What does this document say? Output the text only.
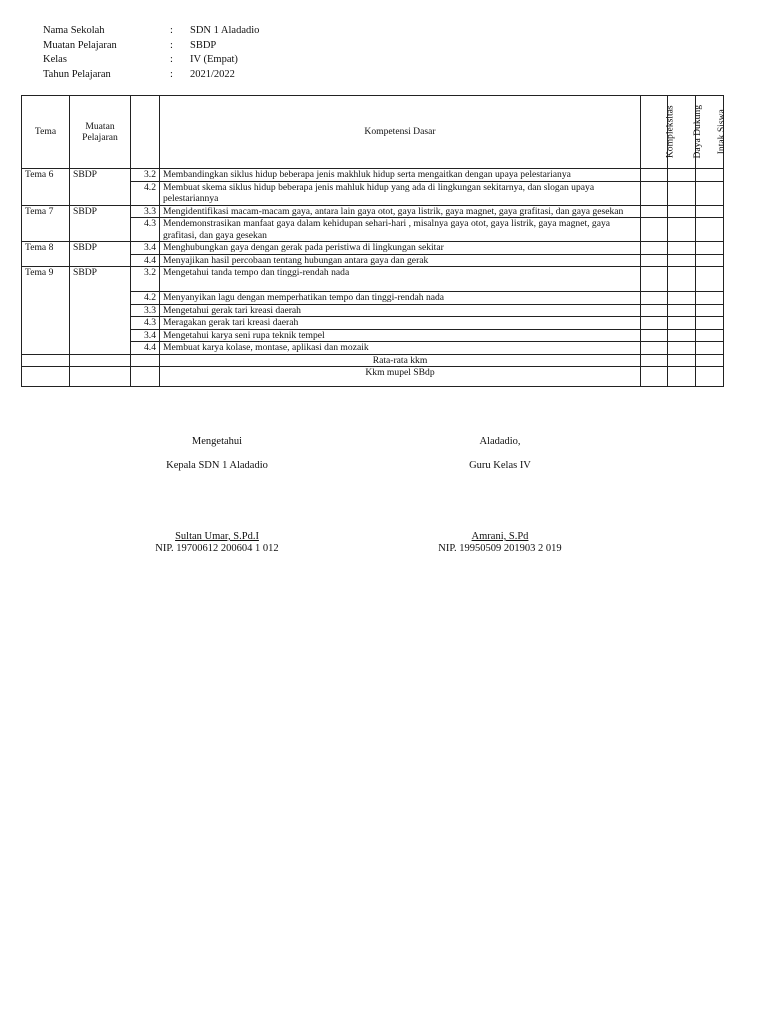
Nama Sekolah	: SDN 1 Aladadio
Muatan Pelajaran	: SBDP
Kelas	: IV (Empat)
Tahun Pelajaran	: 2021/2022
Tema	Muatan Pelajaran		Kompetensi Dasar	Kompleksitas	Daya Dukung	Intak Siswa
Tema 6	SBDP	3.2	Membandingkan siklus hidup beberapa jenis makhluk hidup serta mengaitkan dengan upaya pelestarianya			
		4.2	Membuat skema siklus hidup beberapa jenis mahluk hidup yang ada di lingkungan sekitarnya, dan slogan upaya pelestariannya			
Tema 7	SBDP	3.3	Mengidentifikasi macam-macam gaya, antara lain gaya otot, gaya listrik, gaya magnet, gaya grafitasi, dan gaya gesekan			
		4.3	Mendemonstrasikan manfaat gaya dalam kehidupan sehari-hari , misalnya gaya otot, gaya listrik, gaya magnet, gaya grafitasi, dan gaya gesekan			
Tema 8	SBDP	3.4	Menghubungkan gaya dengan gerak pada peristiwa di lingkungan sekitar			
		4.4	Menyajikan hasil percobaan tentang hubungan antara gaya dan gerak			
Tema 9	SBDP	3.2	Mengetahui tanda tempo dan tinggi-rendah nada			
		4.2	Menyanyikan lagu dengan memperhatikan tempo dan tinggi-rendah nada			
		3.3	Mengetahui gerak tari kreasi daerah			
		4.3	Meragakan gerak tari kreasi daerah			
		3.4	Mengetahui karya seni rupa teknik tempel			
		4.4	Membuat karya kolase, montase, aplikasi dan mozaik			
			Rata-rata kkm			
			Kkm mupel SBdp			
Mengetahui
Kepala SDN 1 Aladadio
Sultan Umar, S.Pd.I
NIP. 19700612 200604 1 012
Aladadio,
Guru Kelas IV
Amrani, S.Pd
NIP. 19950509 201903 2 019
